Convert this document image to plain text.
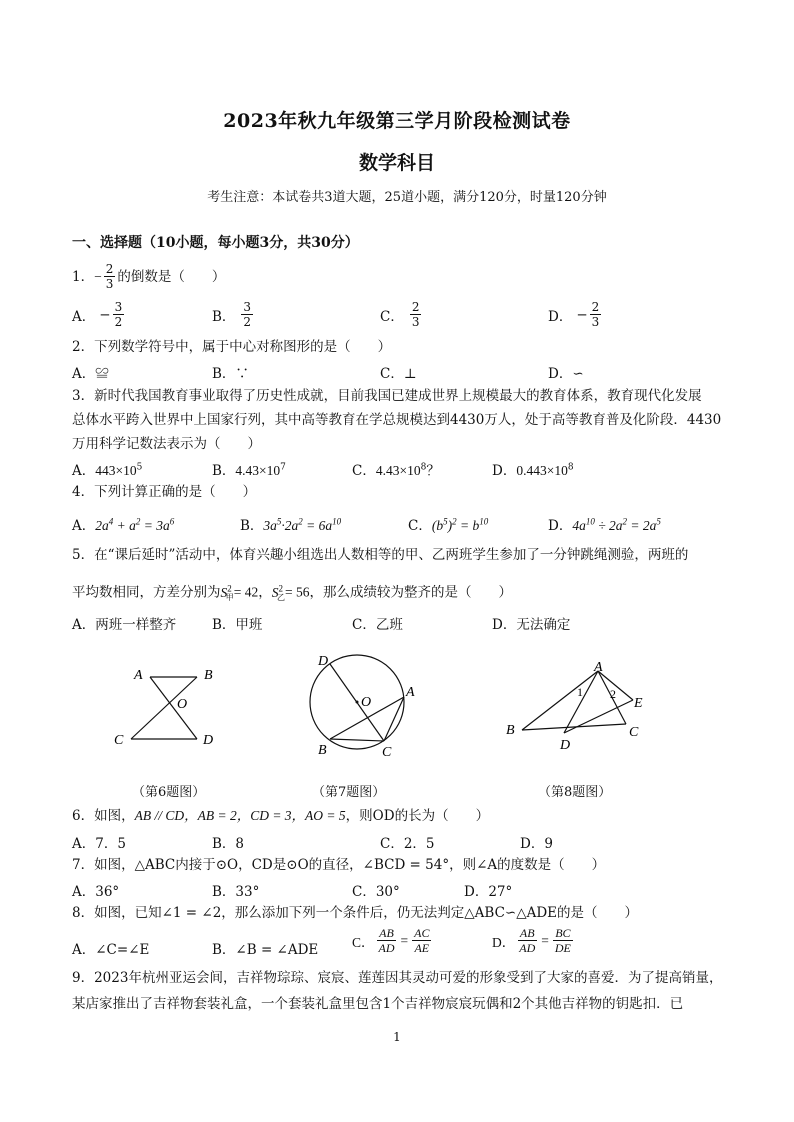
2023年秋九年级第三学月阶段检测试卷
数学科目
考生注意：本试卷共3道大题，25道小题，满分120分，时量120分钟
一、选择题（10小题，每小题3分，共30分）
1． − $\frac{2}{3}$ 的倒数是（　　）
A． − $\frac{3}{2}$	B． $\frac{3}{2}$	C． $\frac{2}{3}$	D． − $\frac{2}{3}$
2．下列数学符号中，属于中心对称图形的是（　　）
A．≌	B．∵	C．⊥	D．∽
3．新时代我国教育事业取得了历史性成就，目前我国已建成世界上规模最大的教育体系，教育现代化发展
总体水平跨入世界中上国家行列，其中高等教育在学总规模达到4430万人，处于高等教育普及化阶段．4430
万用科学记数法表示为（　　）
A．$443\times 10^5$	B．$4.43\times 10^7$	C．$4.43\times 10^8$？	D．$0.443\times 10^8$
4．下列计算正确的是（　　）
A．$2a^4 + a^2 = 3a^6$	B．$3a^5\cdot 2a^2 = 6a^{10}$	C．$(b^5)^2 = b^{10}$	D．$4a^{10} \div 2a^2 = 2a^5$
5．在“课后延时”活动中，体育兴趣小组选出人数相等的甲、乙两班学生参加了一分钟跳绳测验，两班的
平均数相同，方差分别为$S^2_甲= 42$，$S^2_乙= 56$，那么成绩较为整齐的是（　　）
A．两班一样整齐	B．甲班	C．乙班	D．无法确定
A	B
O
C	D
（第6题图）
D
O
A
B	C
（第7题图）
A
1 2
E
B
D
C
（第8题图）
6．如图，AB // CD，AB = 2，CD = 3，AO = 5，则OD的长为（　　）
A．7．5	B．8	C．2．5	D．9
7．如图，△ABC内接于⊙O，CD是⊙O的直径，∠BCD = 54°，则∠A的度数是（　　）
A．36°	B．33°	C．30°	D．27°
8．如图，已知∠1 = ∠2，那么添加下列一个条件后，仍无法判定△ABC∽△ADE的是（　　）
A．∠C=∠E	B．∠B = ∠ADE C． $\frac{AB}{AD} = \frac{AC}{AE}$	D． $\frac{AB}{AD} = \frac{BC}{DE}$
9．2023年杭州亚运会间，吉祥物琮琮、宸宸、莲莲因其灵动可爱的形象受到了大家的喜爱．为了提高销量，
某店家推出了吉祥物套装礼盒，一个套装礼盒里包含1个吉祥物宸宸玩偶和2个其他吉祥物的钥匙扣．已
1
